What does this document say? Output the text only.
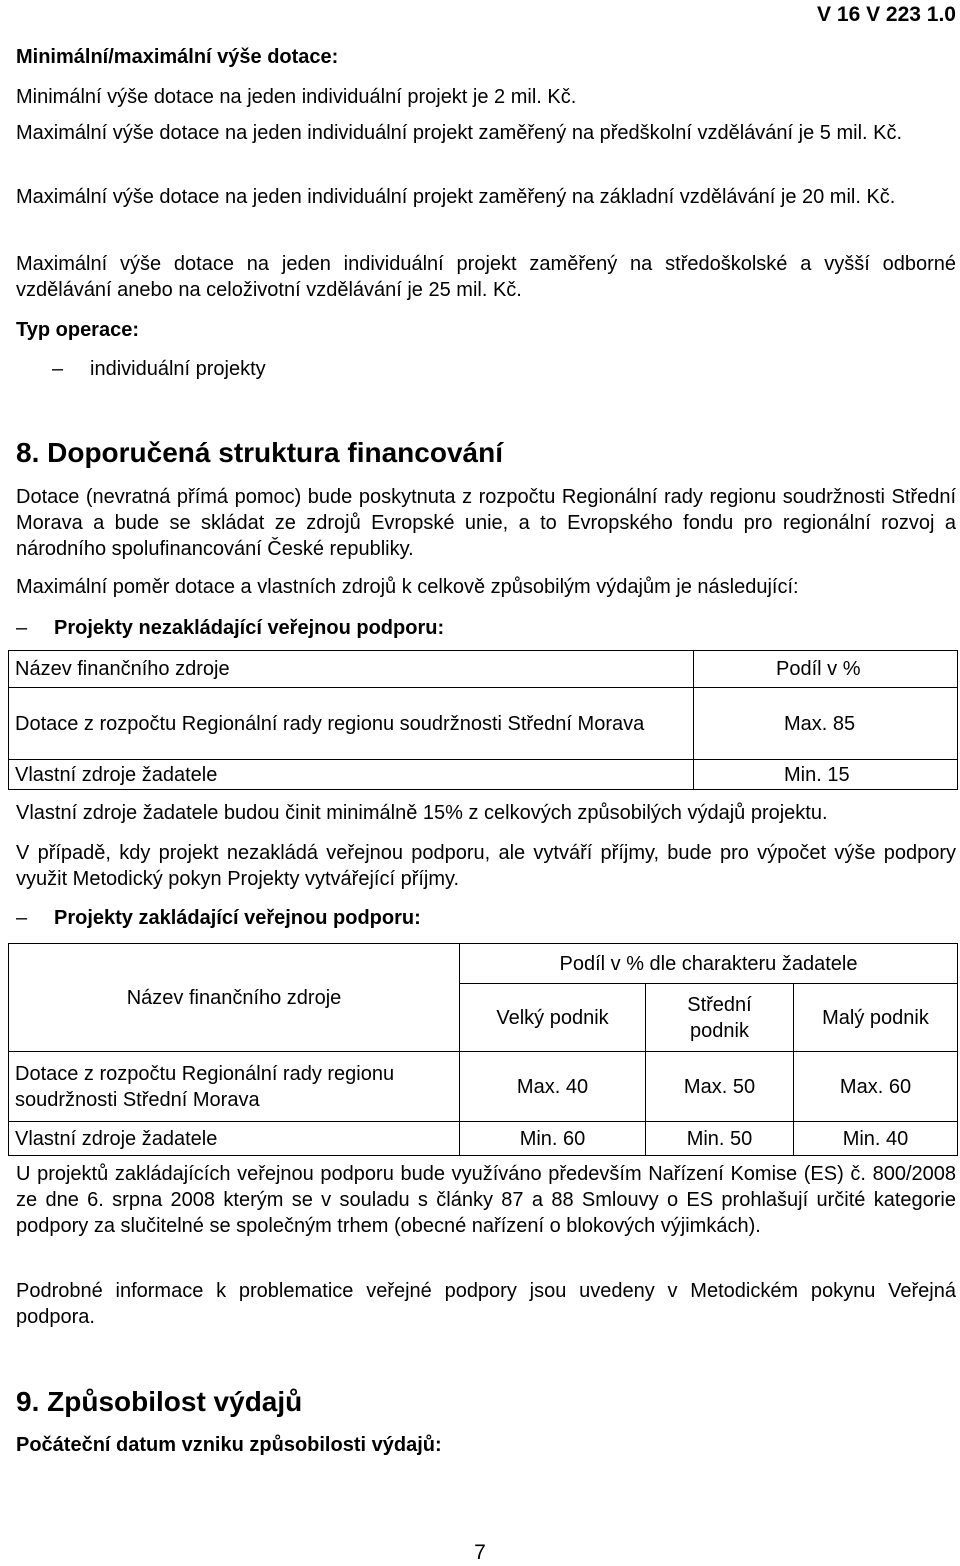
V 16 V 223 1.0
Minimální/maximální výše dotace:

Minimální výše dotace na jeden individuální projekt je 2 mil. Kč.

Maximální výše dotace na jeden individuální projekt zaměřený na předškolní vzdělávání je 5 mil. Kč.

Maximální výše dotace na jeden individuální projekt zaměřený na základní vzdělávání je 20 mil. Kč.

Maximální výše dotace na jeden individuální projekt zaměřený na středoškolské a vyšší odborné vzdělávání anebo na celoživotní vzdělávání je 25 mil. Kč.

Typ operace:
–	individuální projekty
8. Doporučená struktura financování

Dotace (nevratná přímá pomoc) bude poskytnuta z rozpočtu Regionální rady regionu soudržnosti Střední Morava a bude se skládat ze zdrojů Evropské unie, a to Evropského fondu pro regionální rozvoj a národního spolufinancování České republiky.

Maximální poměr dotace a vlastních zdrojů k celkově způsobilým výdajům je následující:

–	Projekty nezakládající veřejnou podporu:
Název finančního zdroje	Podíl v %
Dotace z rozpočtu Regionální rady regionu soudržnosti Střední Morava	Max. 85
Vlastní zdroje žadatele	Min. 15

Vlastní zdroje žadatele budou činit minimálně 15% z celkových způsobilých výdajů projektu.

V případě, kdy projekt nezakládá veřejnou podporu, ale vytváří příjmy, bude pro výpočet výše podpory využit Metodický pokyn Projekty vytvářející příjmy.

–	Projekty zakládající veřejnou podporu:
Název finančního zdroje	Podíl v % dle charakteru žadatele		
	Velký podnik	Střední podnik	Malý podnik
Dotace z rozpočtu Regionální rady regionu soudržnosti Střední Morava	Max. 40	Max. 50	Max. 60
Vlastní zdroje žadatele	Min. 60	Min. 50	Min. 40

U projektů zakládajících veřejnou podporu bude využíváno především Nařízení Komise (ES) č. 800/2008 ze dne 6. srpna 2008 kterým se v souladu s články 87 a 88 Smlouvy o ES prohlašují určité kategorie podpory za slučitelné se společným trhem (obecné nařízení o blokových výjimkách).

Podrobné informace k problematice veřejné podpory jsou uvedeny v Metodickém pokynu Veřejná podpora.

9. Způsobilost výdajů
Počáteční datum vzniku způsobilosti výdajů:
7
